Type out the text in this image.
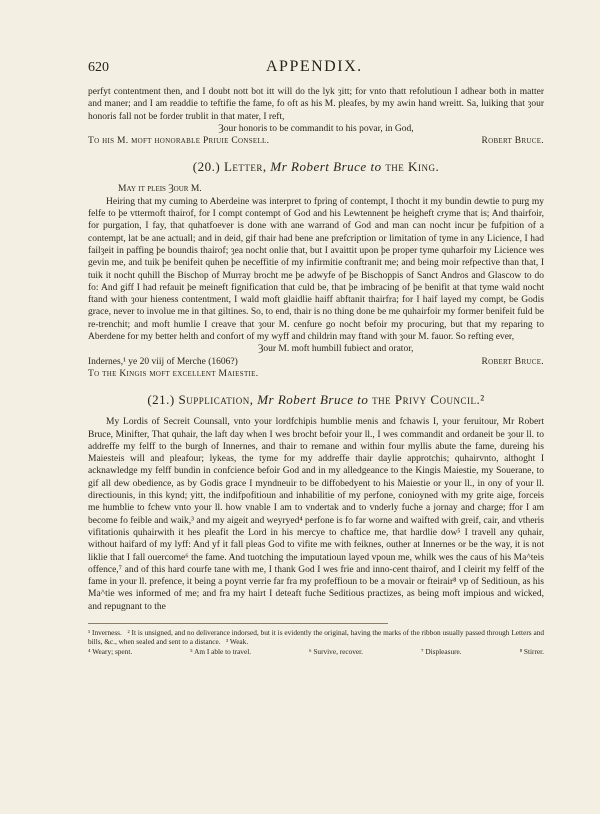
620	APPENDIX.

perfyt contentment then, and I doubt nott bot itt will do the lyk ȝitt; for vnto thatt refolutioun I adhear both in matter and maner; and I am readdie to teftifie the fame, fo oft as his M. pleafes, by my awin hand wreitt. Sa, luiking that ȝour honoris fall not be forder trublit in that mater, I reft,

Ȝour honoris to be commandit to his povar, in God,

To his M. moft honorable Priuie Consell.	Robert Bruce.
(20.) Letter, Mr Robert Bruce to the King.
May it pleis Ȝour M.

Heiring that my cuming to Aberdeine was interpret to fpring of contempt, I thocht it my bundin dewtie to purg my felfe to þe vttermoft thairof, for I compt contempt of God and his Lewtennent þe heigheft cryme that is; And thairfoir, for purgation, I fay, that quhatfoever is done with ane warrand of God and man can nocht incur þe fufpition of a contempt, lat be ane actuall; and in deid, gif thair had bene ane prefcription or limitation of tyme in any Licience, I had failȝeit in paffing þe boundis thairof; ȝea nocht onlie that, but I avaittit upon þe proper tyme quharfoir my Licience wes gevin me, and tuik þe benifeit quhen þe neceffitie of my infirmitie conftranit me; and being moir refpective than that, I tuik it nocht quhill the Bischop of Murray brocht me þe adwyfe of þe Bischoppis of Sanct Andros and Glascow to do fo: And giff I had refauit þe meineft fignification that culd be, that þe imbracing of þe benifit at that tyme wald nocht ftand with ȝour hieness contentment, I wald moft glaidlie haiff abftanit thairfra; for I haif layed my compt, be Godis grace, never to involue me in that giltines. So, to end, thair is no thing done be me quhairfoir my former benifeit fuld be re-trenchit; and moft humlie I creave that ȝour M. cenfure go nocht befoir my procuring, but that my reparing to Aberdene for my better helth and confort of my wyff and childrin may ftand with ȝour M. fauor. So refting ever,

Ȝour M. moft humbill fubiect and orator,
Indernes,¹ ye 20 viij of Merche (1606?)	Robert Bruce.
To the Kingis moft excellent Maiestie.
(21.) Supplication, Mr Robert Bruce to the Privy Council.²

My Lordis of Secreit Counsall, vnto your lordfchipis humblie menis and fchawis I, your feruitour, Mr Robert Bruce, Minifter, That quhair, the laft day when I wes brocht befoir your ll., I wes commandit and ordaneit be ȝour ll. to addreffe my felff to the burgh of Innernes, and thair to remane and within four myllis abute the fame, dureing his Maiesteis will and pleafour; lykeas, the tyme for my addreffe thair daylie approtchis; quhairvnto, althoght I acknawledge my felff bundin in confcience befoir God and in my alledgeance to the Kingis Maiestie, my Souerane, to gif all dew obedience, as by Godis grace I myndneuir to be diffobedyent to his Maiestie or your ll., in ony of your ll. directiounis, in this kynd; yitt, the indifpofitioun and inhabilitie of my perfone, conioyned with my grite aige, forceis me humblie to fchew vnto your ll. how vnable I am to vndertak and to vnderly fuche a jornay and charge; ffor I am become fo feible and waik,³ and my aigeit and weyryed⁴ perfone is fo far worne and waifted with greif, cair, and vtheris vifitationis quhairwith it hes pleafit the Lord in his mercye to chaftice me, that hardlie dow⁵ I travell any quhair, without haifard of my lyff: And yf it fall pleas God to vifite me with feiknes, outher at Innernes or be the way, it is not liklie that I fall ouercome⁶ the fame. And tuotching the imputatioun layed vpoun me, whilk wes the caus of his Ma^teis offence,⁷ and of this hard courfe tane with me, I thank God I wes frie and inno-cent thairof, and I cleirit my felff of the fame in your ll. prefence, it being a poynt verrie far fra my profeffioun to be a movair or fteirair⁸ vp of Seditioun, as his Ma^tie wes informed of me; and fra my hairt I deteaft fuche Seditious practizes, as being moft impious and wicked, and repugnant to the

¹ Inverness. ² It is unsigned, and no deliverance indorsed, but it is evidently the original, having the marks of the ribbon usually passed through Letters and bills, &c., when sealed and sent to a distance. ³ Weak.

⁴ Weary; spent.	⁵ Am I able to travel.	⁶ Survive, recover.	⁷ Displeasure.	⁸ Stirrer.
